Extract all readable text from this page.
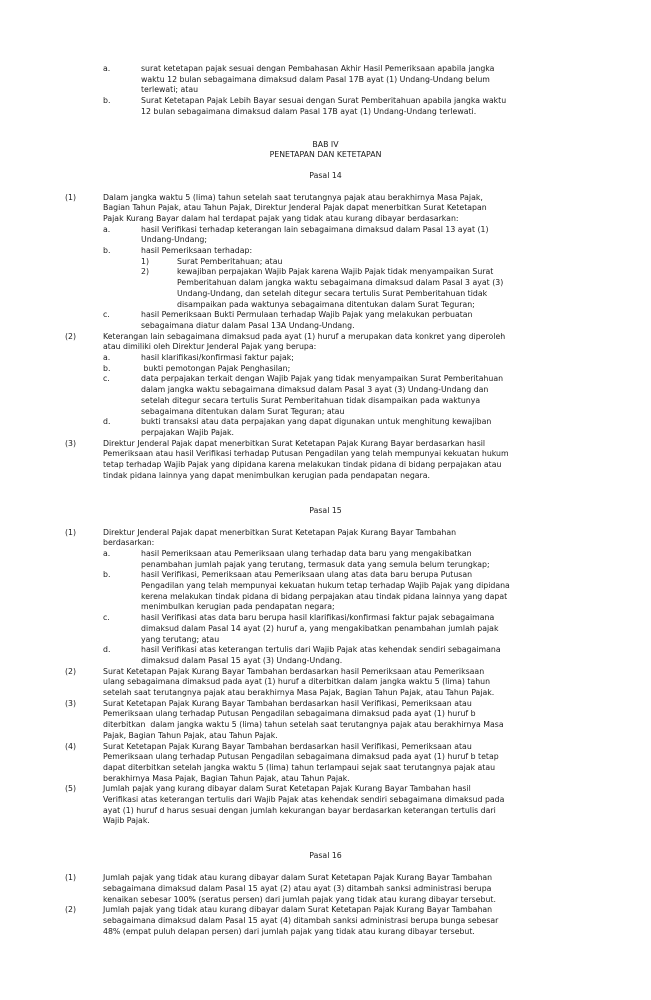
a.	surat ketetapan pajak sesuai dengan Pembahasan Akhir Hasil Pemeriksaan apabila jangka
waktu 12 bulan sebagaimana dimaksud dalam Pasal 17B ayat (1) Undang-Undang belum
terlewati; atau
b.	Surat Ketetapan Pajak Lebih Bayar sesuai dengan Surat Pemberitahuan apabila jangka waktu
12 bulan sebagaimana dimaksud dalam Pasal 17B ayat (1) Undang-Undang terlewati.
BAB IV
PENETAPAN DAN KETETAPAN
Pasal 14
(1)	Dalam jangka waktu 5 (lima) tahun setelah saat terutangnya pajak atau berakhirnya Masa Pajak,
Bagian Tahun Pajak, atau Tahun Pajak, Direktur Jenderal Pajak dapat menerbitkan Surat Ketetapan
Pajak Kurang Bayar dalam hal terdapat pajak yang tidak atau kurang dibayar berdasarkan:
a.	hasil Verifikasi terhadap keterangan lain sebagaimana dimaksud dalam Pasal 13 ayat (1)
Undang-Undang;
b.	hasil Pemeriksaan terhadap:
1)	Surat Pemberitahuan; atau
2)	kewajiban perpajakan Wajib Pajak karena Wajib Pajak tidak menyampaikan Surat
Pemberitahuan dalam jangka waktu sebagaimana dimaksud dalam Pasal 3 ayat (3)
Undang-Undang, dan setelah ditegur secara tertulis Surat Pemberitahuan tidak
disampaikan pada waktunya sebagaimana ditentukan dalam Surat Teguran;
c.	hasil Pemeriksaan Bukti Permulaan terhadap Wajib Pajak yang melakukan perbuatan
sebagaimana diatur dalam Pasal 13A Undang-Undang.
(2)	Keterangan lain sebagaimana dimaksud pada ayat (1) huruf a merupakan data konkret yang diperoleh
atau dimiliki oleh Direktur Jenderal Pajak yang berupa:
a.	hasil klarifikasi/konfirmasi faktur pajak;
b.	bukti pemotongan Pajak Penghasilan;
c.	data perpajakan terkait dengan Wajib Pajak yang tidak menyampaikan Surat Pemberitahuan
dalam jangka waktu sebagaimana dimaksud dalam Pasal 3 ayat (3) Undang-Undang dan
setelah ditegur secara tertulis Surat Pemberitahuan tidak disampaikan pada waktunya
sebagaimana ditentukan dalam Surat Teguran; atau
d.	bukti transaksi atau data perpajakan yang dapat digunakan untuk menghitung kewajiban
perpajakan Wajib Pajak.
(3)	Direktur Jenderal Pajak dapat menerbitkan Surat Ketetapan Pajak Kurang Bayar berdasarkan hasil
Pemeriksaan atau hasil Verifikasi terhadap Putusan Pengadilan yang telah mempunyai kekuatan hukum
tetap terhadap Wajib Pajak yang dipidana karena melakukan tindak pidana di bidang perpajakan atau
tindak pidana lainnya yang dapat menimbulkan kerugian pada pendapatan negara.
Pasal 15
(1)	Direktur Jenderal Pajak dapat menerbitkan Surat Ketetapan Pajak Kurang Bayar Tambahan
berdasarkan:
a.	hasil Pemeriksaan atau Pemeriksaan ulang terhadap data baru yang mengakibatkan
penambahan jumlah pajak yang terutang, termasuk data yang semula belum terungkap;
b.	hasil Verifikasi, Pemeriksaan atau Pemeriksaan ulang atas data baru berupa Putusan
Pengadilan yang telah mempunyai kekuatan hukum tetap terhadap Wajib Pajak yang dipidana
kerena melakukan tindak pidana di bidang perpajakan atau tindak pidana lainnya yang dapat
menimbulkan kerugian pada pendapatan negara;
c.	hasil Verifikasi atas data baru berupa hasil klarifikasi/konfirmasi faktur pajak sebagaimana
dimaksud dalam Pasal 14 ayat (2) huruf a, yang mengakibatkan penambahan jumlah pajak
yang terutang; atau
d.	hasil Verifikasi atas keterangan tertulis dari Wajib Pajak atas kehendak sendiri sebagaimana
dimaksud dalam Pasal 15 ayat (3) Undang-Undang.
(2)	Surat Ketetapan Pajak Kurang Bayar Tambahan berdasarkan hasil Pemeriksaan atau Pemeriksaan
ulang sebagaimana dimaksud pada ayat (1) huruf a diterbitkan dalam jangka waktu 5 (lima) tahun
setelah saat terutangnya pajak atau berakhirnya Masa Pajak, Bagian Tahun Pajak, atau Tahun Pajak.
(3)	Surat Ketetapan Pajak Kurang Bayar Tambahan berdasarkan hasil Verifikasi, Pemeriksaan atau
Pemeriksaan ulang terhadap Putusan Pengadilan sebagaimana dimaksud pada ayat (1) huruf b
diterbitkan  dalam jangka waktu 5 (lima) tahun setelah saat terutangnya pajak atau berakhirnya Masa
Pajak, Bagian Tahun Pajak, atau Tahun Pajak.
(4)	Surat Ketetapan Pajak Kurang Bayar Tambahan berdasarkan hasil Verifikasi, Pemeriksaan atau
Pemeriksaan ulang terhadap Putusan Pengadilan sebagaimana dimaksud pada ayat (1) huruf b tetap
dapat diterbitkan setelah jangka waktu 5 (lima) tahun terlampaui sejak saat terutangnya pajak atau
berakhirnya Masa Pajak, Bagian Tahun Pajak, atau Tahun Pajak.
(5)	Jumlah pajak yang kurang dibayar dalam Surat Ketetapan Pajak Kurang Bayar Tambahan hasil
Verifikasi atas keterangan tertulis dari Wajib Pajak atas kehendak sendiri sebagaimana dimaksud pada
ayat (1) huruf d harus sesuai dengan jumlah kekurangan bayar berdasarkan keterangan tertulis dari
Wajib Pajak.
Pasal 16
(1)	Jumlah pajak yang tidak atau kurang dibayar dalam Surat Ketetapan Pajak Kurang Bayar Tambahan
sebagaimana dimaksud dalam Pasal 15 ayat (2) atau ayat (3) ditambah sanksi administrasi berupa
kenaikan sebesar 100% (seratus persen) dari jumlah pajak yang tidak atau kurang dibayar tersebut.
(2)	Jumlah pajak yang tidak atau kurang dibayar dalam Surat Ketetapan Pajak Kurang Bayar Tambahan
sebagaimana dimaksud dalam Pasal 15 ayat (4) ditambah sanksi administrasi berupa bunga sebesar
48% (empat puluh delapan persen) dari jumlah pajak yang tidak atau kurang dibayar tersebut.
